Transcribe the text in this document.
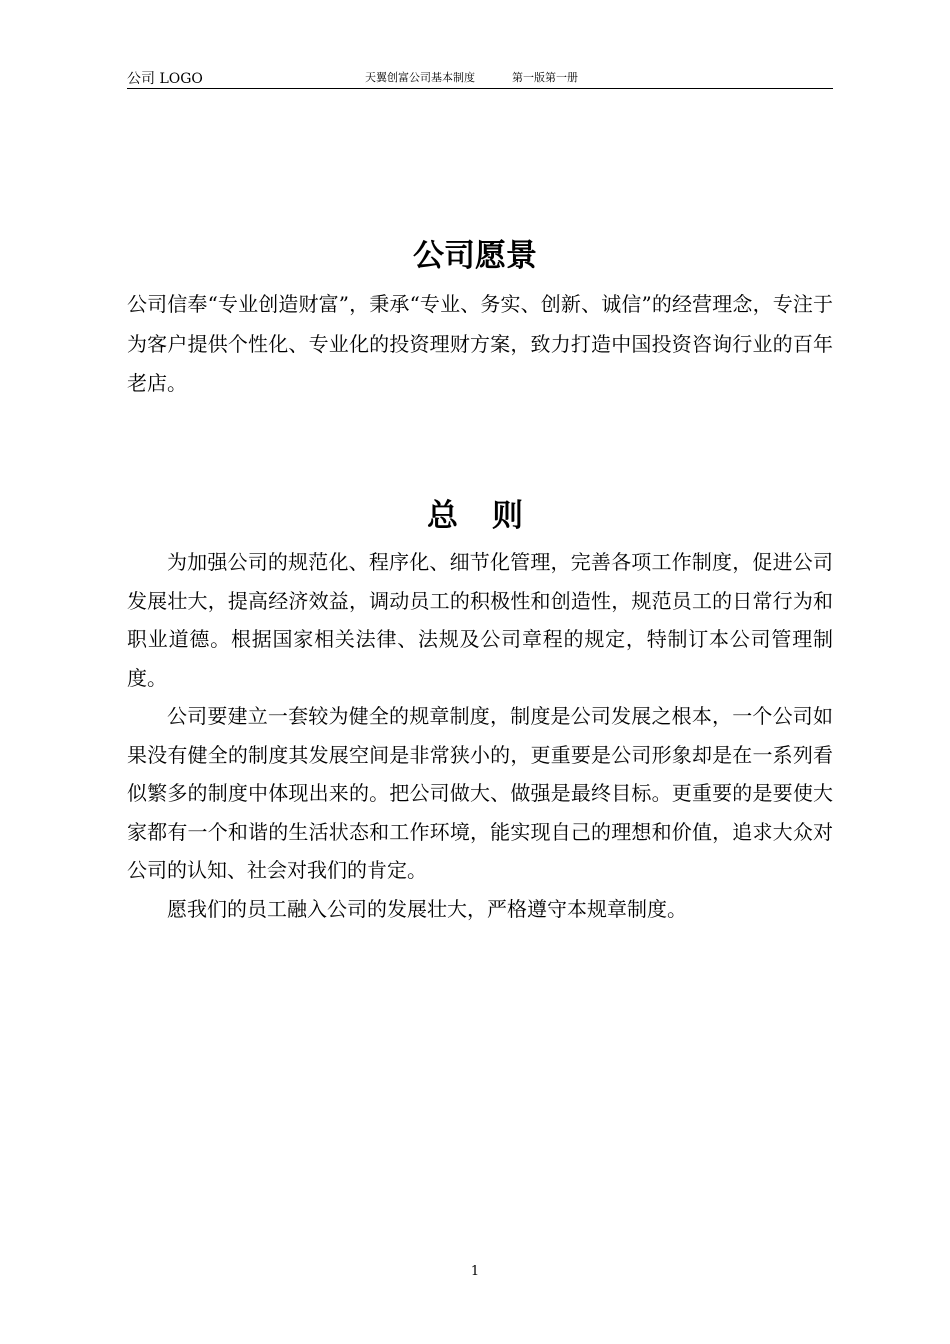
公司 LOGO	天翼创富公司基本制度	第一版第一册
公司愿景
公司信奉“专业创造财富”，秉承“专业、务实、创新、诚信”的经营理念，专注于为客户提供个性化、专业化的投资理财方案，致力打造中国投资咨询行业的百年老店。
总则

为加强公司的规范化、程序化、细节化管理，完善各项工作制度，促进公司发展壮大，提高经济效益，调动员工的积极性和创造性，规范员工的日常行为和职业道德。根据国家相关法律、法规及公司章程的规定，特制订本公司管理制度。

公司要建立一套较为健全的规章制度，制度是公司发展之根本，一个公司如果没有健全的制度其发展空间是非常狭小的，更重要是公司形象却是在一系列看似繁多的制度中体现出来的。把公司做大、做强是最终目标。更重要的是要使大家都有一个和谐的生活状态和工作环境，能实现自己的理想和价值，追求大众对公司的认知、社会对我们的肯定。

愿我们的员工融入公司的发展壮大，严格遵守本规章制度。

1
